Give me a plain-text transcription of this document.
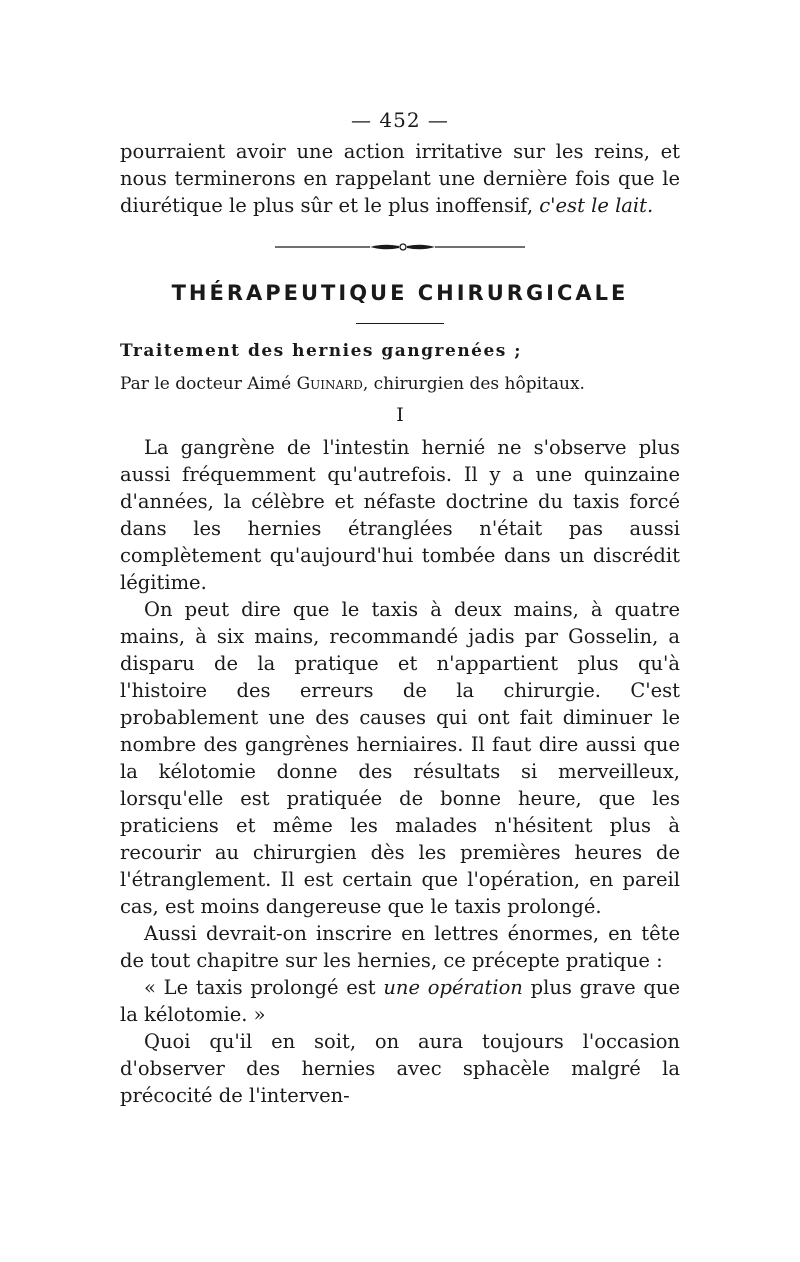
— 452 —

pourraient avoir une action irritative sur les reins, et nous terminerons en rappelant une dernière fois que le diurétique le plus sûr et le plus inoffensif, c'est le lait.

THÉRAPEUTIQUE CHIRURGICALE

Traitement des hernies gangrenées ;

Par le docteur Aimé Guinard, chirurgien des hôpitaux.

I

La gangrène de l'intestin hernié ne s'observe plus aussi fréquemment qu'autrefois. Il y a une quinzaine d'années, la célèbre et néfaste doctrine du taxis forcé dans les hernies étranglées n'était pas aussi complètement qu'aujourd'hui tombée dans un discrédit légitime.

On peut dire que le taxis à deux mains, à quatre mains, à six mains, recommandé jadis par Gosselin, a disparu de la pratique et n'appartient plus qu'à l'histoire des erreurs de la chirurgie. C'est probablement une des causes qui ont fait diminuer le nombre des gangrènes herniaires. Il faut dire aussi que la kélotomie donne des résultats si merveilleux, lorsqu'elle est pratiquée de bonne heure, que les praticiens et même les malades n'hésitent plus à recourir au chirurgien dès les premières heures de l'étranglement. Il est certain que l'opération, en pareil cas, est moins dangereuse que le taxis prolongé.

Aussi devrait-on inscrire en lettres énormes, en tête de tout chapitre sur les hernies, ce précepte pratique :

« Le taxis prolongé est une opération plus grave que la kélotomie. »

Quoi qu'il en soit, on aura toujours l'occasion d'observer des hernies avec sphacèle malgré la précocité de l'interven-
